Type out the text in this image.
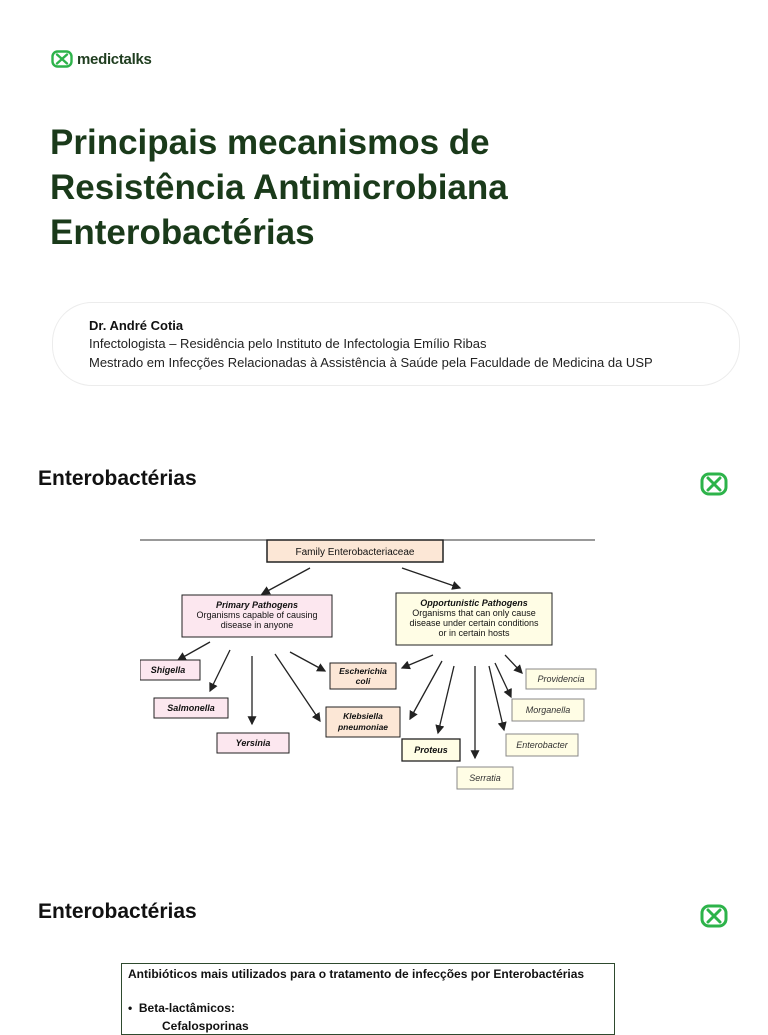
medictalks
Principais mecanismos de
Resistência Antimicrobiana
Enterobactérias
Dr. André Cotia
Infectologista – Residência pelo Instituto de Infectologia Emílio Ribas
Mestrado em Infecções Relacionadas à Assistência à Saúde pela Faculdade de Medicina da USP
Enterobactérias
Family Enterobacteriaceae
Primary Pathogens
Organisms capable of causing
disease in anyone
Opportunistic Pathogens
Organisms that can only cause
disease under certain conditions
or in certain hosts
Shigella
Salmonella
Yersinia
Escherichia
coli
Klebsiella
pneumoniae
Proteus
Serratia
Enterobacter
Morganella
Providencia
Enterobactérias
Antibióticos mais utilizados para o tratamento de infecções por Enterobactérias
• Beta-lactâmicos:
Cefalosporinas
